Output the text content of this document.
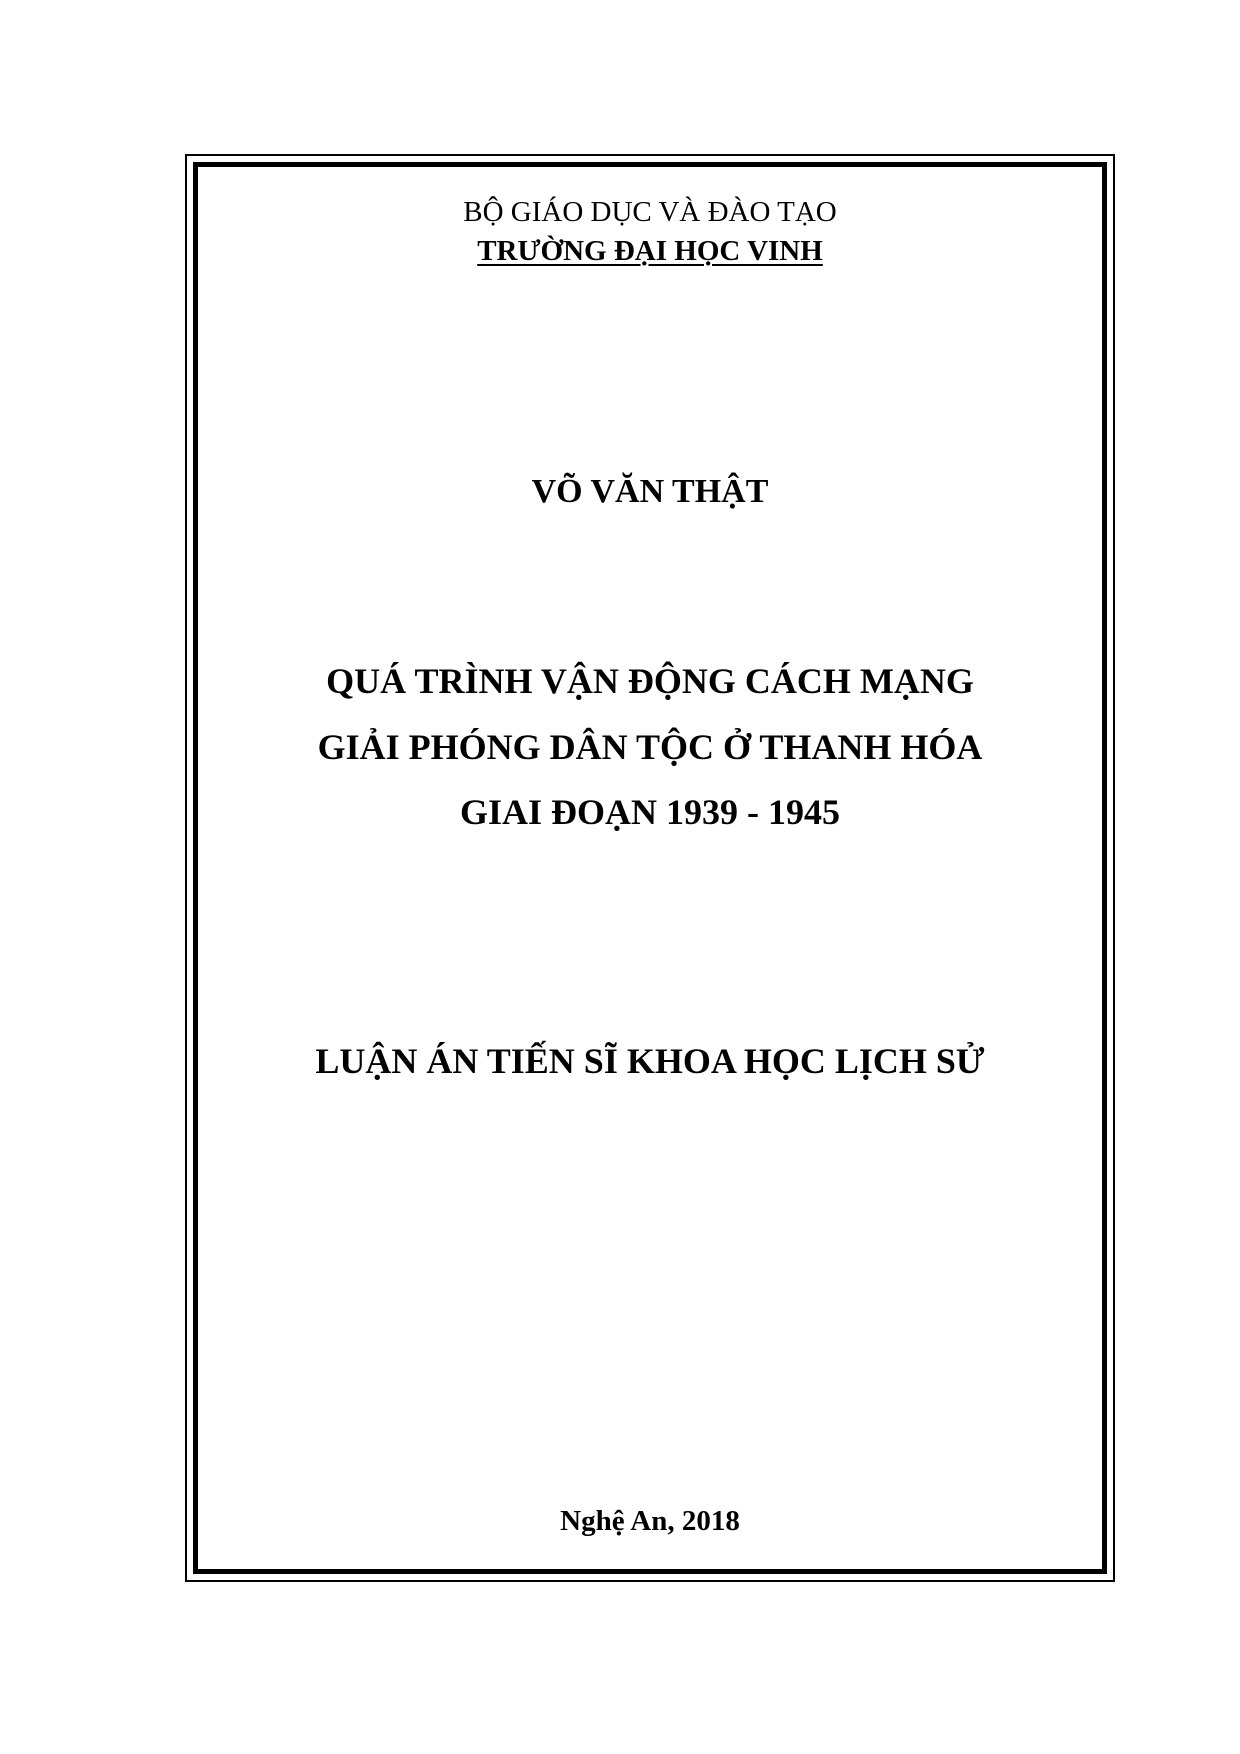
BỘ GIÁO DỤC VÀ ĐÀO TẠO
TRƯỜNG ĐẠI HỌC VINH
VÕ VĂN THẬT
QUÁ TRÌNH VẬN ĐỘNG CÁCH MẠNG
GIẢI PHÓNG DÂN TỘC Ở THANH HÓA
GIAI ĐOẠN 1939 - 1945
LUẬN ÁN TIẾN SĨ KHOA HỌC LỊCH SỬ
Nghệ An, 2018
